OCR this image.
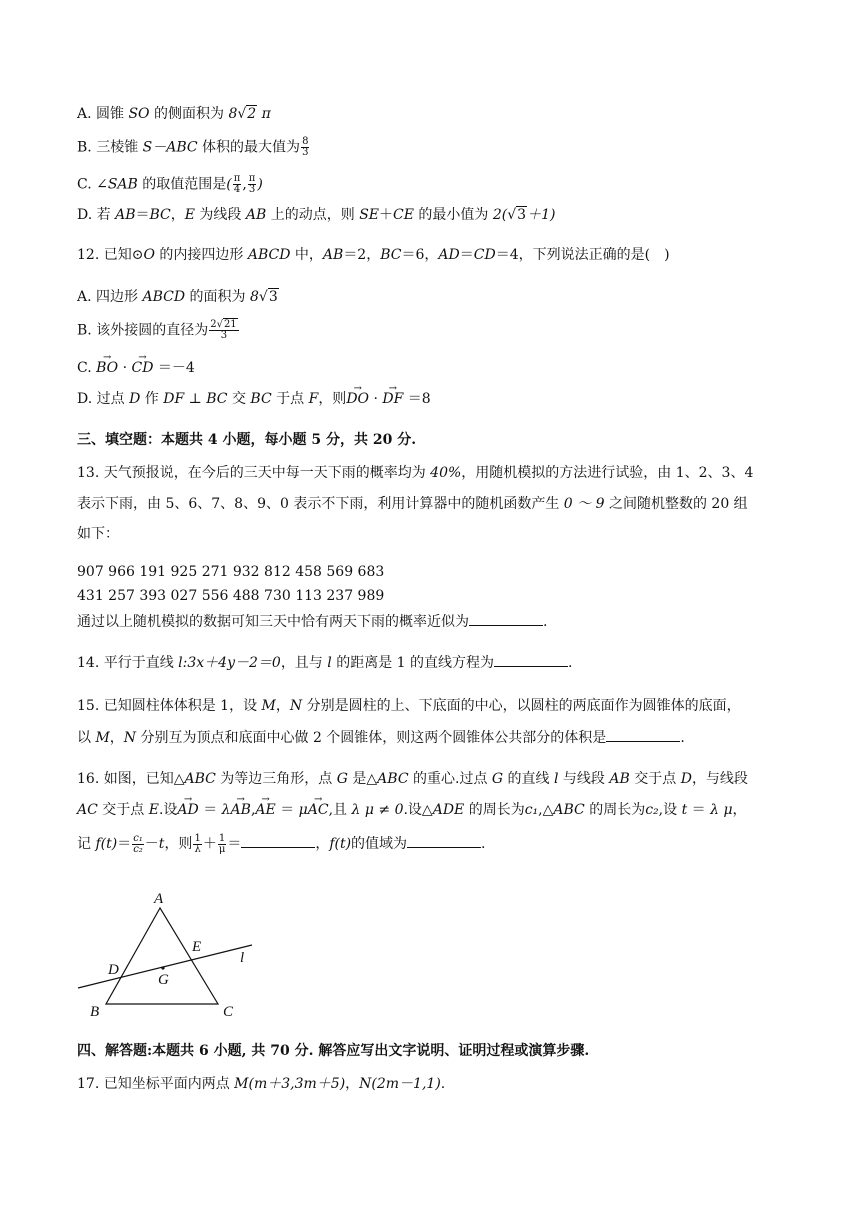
A. 圆锥 SO 的侧面积为 8√2 π
B. 三棱锥 S－ABC 体积的最大值为 $\frac{8}{3}$
C. ∠SAB 的取值范围是( $\frac{\pi}{4}$ , $\frac{\pi}{3}$ )
D. 若 AB＝BC，E 为线段 AB 上的动点，则 SE＋CE 的最小值为 2(√3＋1)
12. 已知⊙O 的内接四边形 ABCD 中，AB＝2，BC＝6，AD＝CD＝4，下列说法正确的是(　)
A. 四边形 ABCD 的面积为 8√3
B. 该外接圆的直径为 $\frac{2√21}{3}$
C. → BO · → CD ＝－4
D. 过点 D 作 DF ⊥ BC 交 BC 于点 F，则→ DO · → DF ＝8
三、填空题：本题共 4 小题，每小题 5 分，共 20 分.
13. 天气预报说，在今后的三天中每一天下雨的概率均为 40%，用随机模拟的方法进行试验，由 1、2、3、4
表示下雨，由 5、6、7、8、9、0 表示不下雨，利用计算器中的随机函数产生 0 ～ 9 之间随机整数的 20 组
如下：
907 966 191 925 271 932 812 458 569 683
431 257 393 027 556 488 730 113 237 989
通过以上随机模拟的数据可知三天中恰有两天下雨的概率近似为	.
14. 平行于直线 l:3x＋4y－2＝0，且与 l 的距离是 1 的直线方程为	.
15. 已知圆柱体体积是 1，设 M，N 分别是圆柱的上、下底面的中心，以圆柱的两底面作为圆锥体的底面，
以 M，N 分别互为顶点和底面中心做 2 个圆锥体，则这两个圆锥体公共部分的体积是	.
16. 如图，已知△ABC 为等边三角形，点 G 是△ABC 的重心.过点 G 的直线 l 与线段 AB 交于点 D，与线段
AC 交于点 E.设→ AD ＝ λ→ AB,→ AE ＝ μ→ AC,且 λ μ ≠ 0.设△ADE 的周长为c₁,△ABC 的周长为c₂,设 t ＝ λ μ，
记 $f(t)= \frac{\text{c₁}}{\text{c₂}} -t$，则 $\frac{1}{\lambda} + \frac{1}{\mu}$ ＝	，f(t)的值域为	.
A
B	C
D
E
G
l
四、解答题:本题共 6 小题, 共 70 分. 解答应写出文字说明、证明过程或演算步骤.
17. 已知坐标平面内两点 M(m＋3,3m＋5)，N(2m－1,1).
